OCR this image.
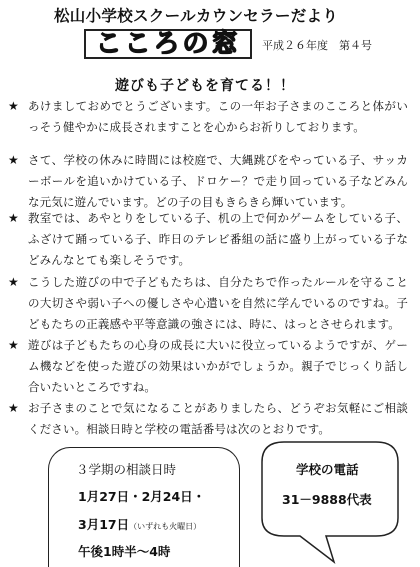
松山小学校スクールカウンセラーだより
こころの窓 平成２６年度　第４号
遊びも子どもを育てる！！
★ あけましておめでとうございます。この一年お子さまのこころと体がいっそう健やかに成長されますことを心からお祈りしております。
★ さて、学校の休みに時間には校庭で、大縄跳びをやっている子、サッカーボールを追いかけている子、ドロケー？で走り回っている子などみんな元気に遊んでいます。どの子の目もきらきら輝いています。
★ 教室では、あやとりをしている子、机の上で何かゲームをしている子、ふざけて踊っている子、昨日のテレビ番組の話に盛り上がっている子などみんなとても楽しそうです。
★ こうした遊びの中で子どもたちは、自分たちで作ったルールを守ることの大切さや弱い子への優しさや心遣いを自然に学んでいるのですね。子どもたちの正義感や平等意識の強さには、時に、はっとさせられます。
★ 遊びは子どもたちの心身の成長に大いに役立っているようですが、ゲーム機などを使った遊びの効果はいかがでしょうか。親子でじっくり話し合いたいところですね。
★ お子さまのことで気になることがありましたら、どうぞお気軽にご相談ください。相談日時と学校の電話番号は次のとおりです。
３学期の相談日時
1月27日・2月24日・
3月17日（いずれも火曜日）
午後1時半～4時
学校の電話
31－9888代表
